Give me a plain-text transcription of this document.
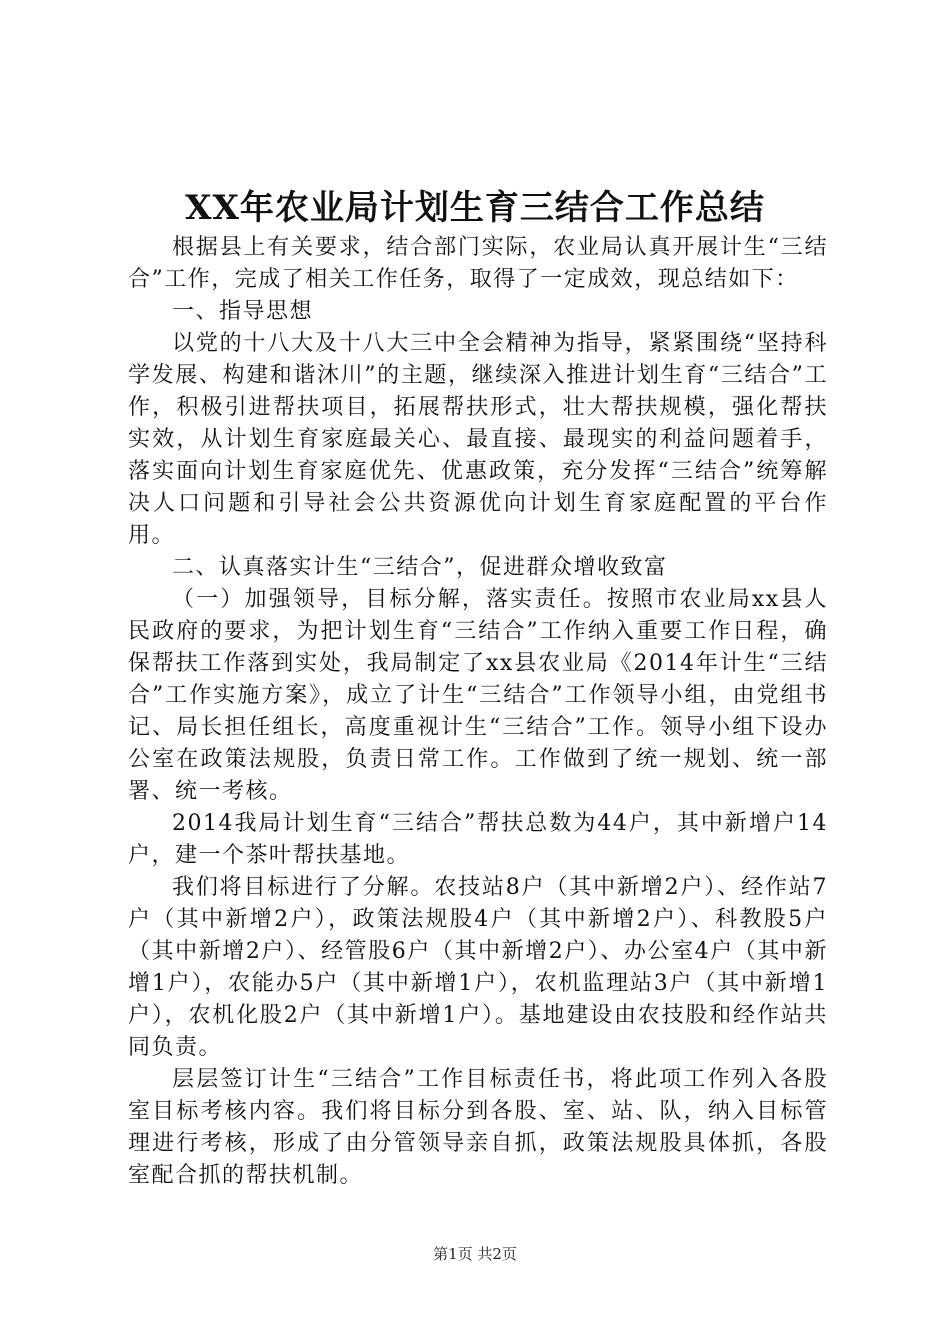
XX年农业局计划生育三结合工作总结

根据县上有关要求，结合部门实际，农业局认真开展计生“三结合”工作，完成了相关工作任务，取得了一定成效，现总结如下：

一、指导思想

以党的十八大及十八大三中全会精神为指导，紧紧围绕“坚持科学发展、构建和谐沐川”的主题，继续深入推进计划生育“三结合”工作，积极引进帮扶项目，拓展帮扶形式，壮大帮扶规模，强化帮扶实效，从计划生育家庭最关心、最直接、最现实的利益问题着手，落实面向计划生育家庭优先、优惠政策，充分发挥“三结合”统筹解决人口问题和引导社会公共资源优向计划生育家庭配置的平台作用。

二、认真落实计生“三结合”，促进群众增收致富

（一）加强领导，目标分解，落实责任。按照市农业局xx县人民政府的要求，为把计划生育“三结合”工作纳入重要工作日程，确保帮扶工作落到实处，我局制定了xx县农业局《2014年计生“三结合”工作实施方案》，成立了计生“三结合”工作领导小组，由党组书记、局长担任组长，高度重视计生“三结合”工作。领导小组下设办公室在政策法规股，负责日常工作。工作做到了统一规划、统一部署、统一考核。

2014我局计划生育“三结合”帮扶总数为44户，其中新增户14户，建一个茶叶帮扶基地。

我们将目标进行了分解。农技站8户（其中新增2户）、经作站7户（其中新增2户），政策法规股4户（其中新增2户）、科教股5户（其中新增2户）、经管股6户（其中新增2户）、办公室4户（其中新增1户），农能办5户（其中新增1户），农机监理站3户（其中新增1户），农机化股2户（其中新增1户）。基地建设由农技股和经作站共同负责。

层层签订计生“三结合”工作目标责任书，将此项工作列入各股室目标考核内容。我们将目标分到各股、室、站、队，纳入目标管理进行考核，形成了由分管领导亲自抓，政策法规股具体抓，各股室配合抓的帮扶机制。

第1页 共2页
